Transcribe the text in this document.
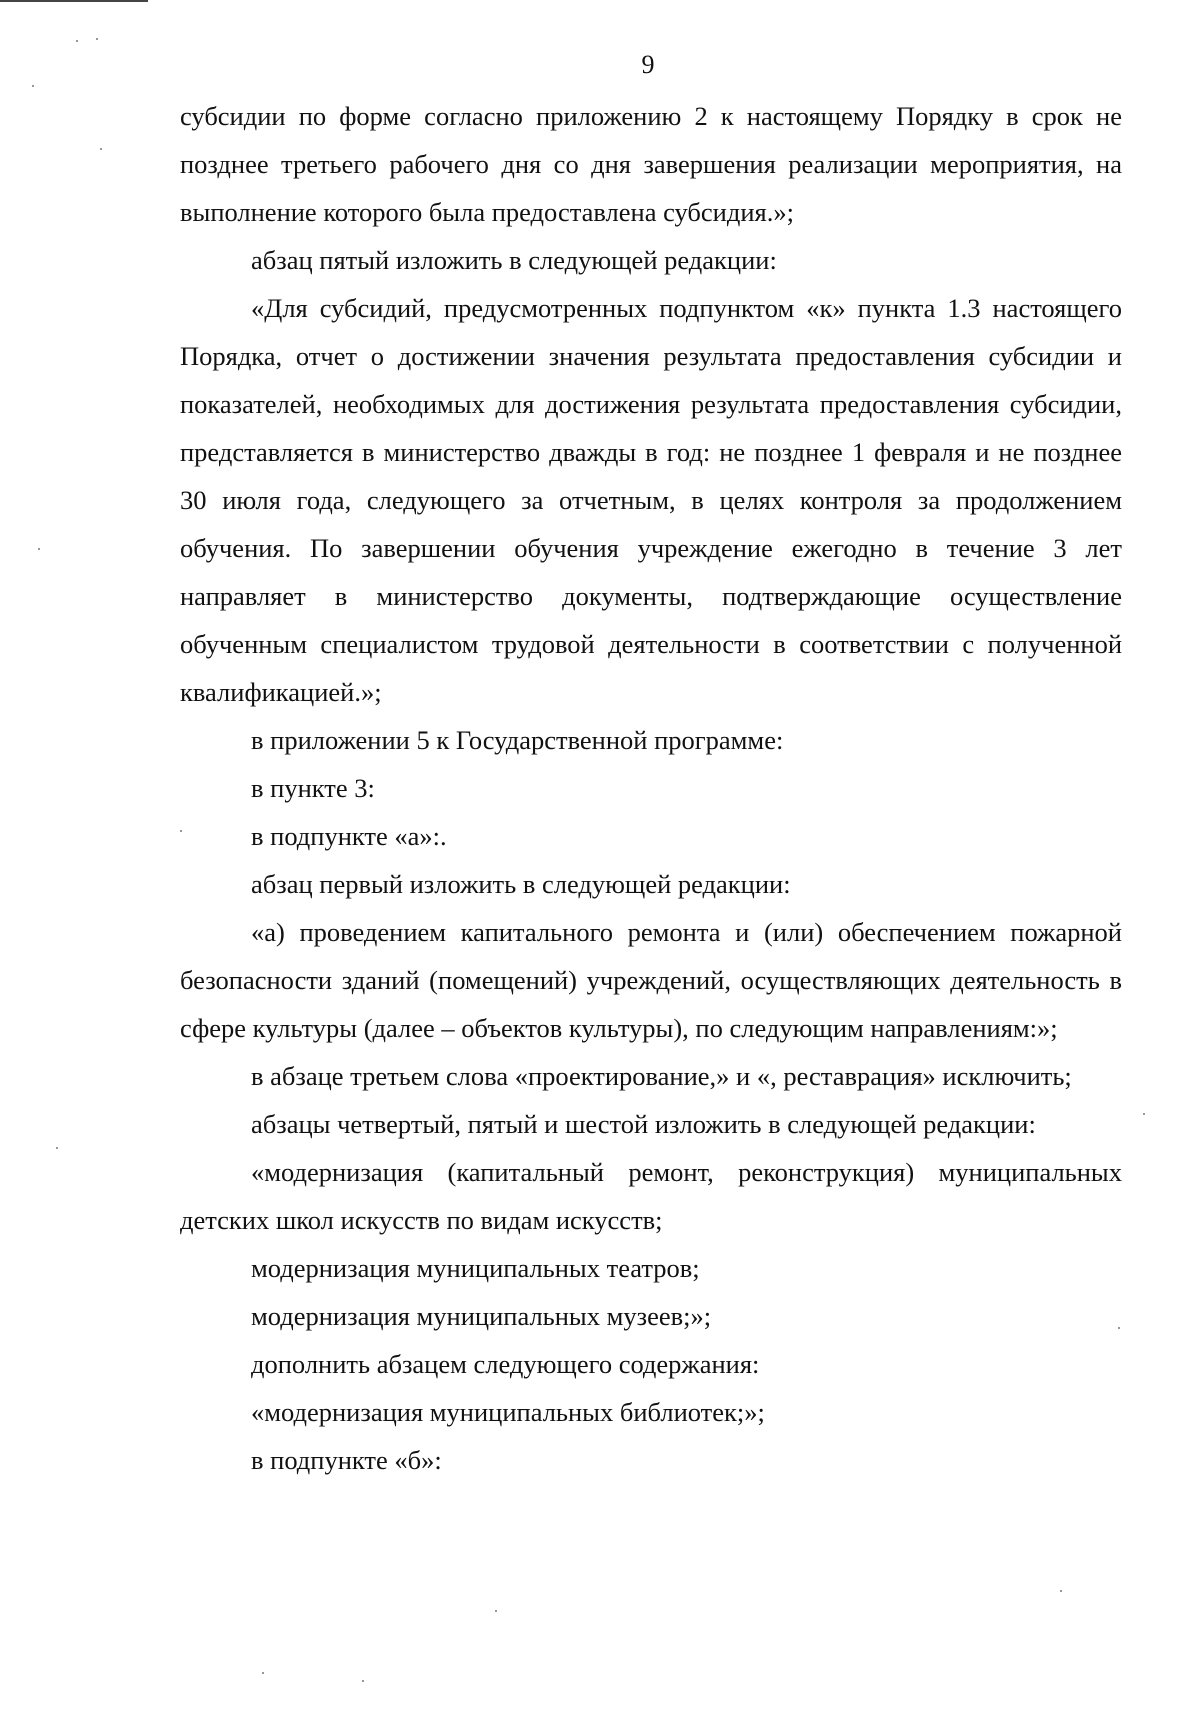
9

субсидии по форме согласно приложению 2 к настоящему Порядку в срок не позднее третьего рабочего дня со дня завершения реализации мероприятия, на выполнение которого была предоставлена субсидия.»;

абзац пятый изложить в следующей редакции:

«Для субсидий, предусмотренных подпунктом «к» пункта 1.3 настоящего Порядка, отчет о достижении значения результата предоставления субсидии и показателей, необходимых для достижения результата предоставления субсидии, представляется в министерство дважды в год: не позднее 1 февраля и не позднее 30 июля года, следующего за отчетным, в целях контроля за продолжением обучения. По завершении обучения учреждение ежегодно в течение 3 лет направляет в министерство документы, подтверждающие осуществление обученным специалистом трудовой деятельности в соответствии с полученной квалификацией.»;

в приложении 5 к Государственной программе:

в пункте 3:

в подпункте «а»:.

абзац первый изложить в следующей редакции:

«а) проведением капитального ремонта и (или) обеспечением пожарной безопасности зданий (помещений) учреждений, осуществляющих деятельность в сфере культуры (далее – объектов культуры), по следующим направлениям:»;

в абзаце третьем слова «проектирование,» и «, реставрация» исключить;

абзацы четвертый, пятый и шестой изложить в следующей редакции:

«модернизация (капитальный ремонт, реконструкция) муниципальных детских школ искусств по видам искусств;

модернизация муниципальных театров;

модернизация муниципальных музеев;»;

дополнить абзацем следующего содержания:

«модернизация муниципальных библиотек;»;

в подпункте «б»:
